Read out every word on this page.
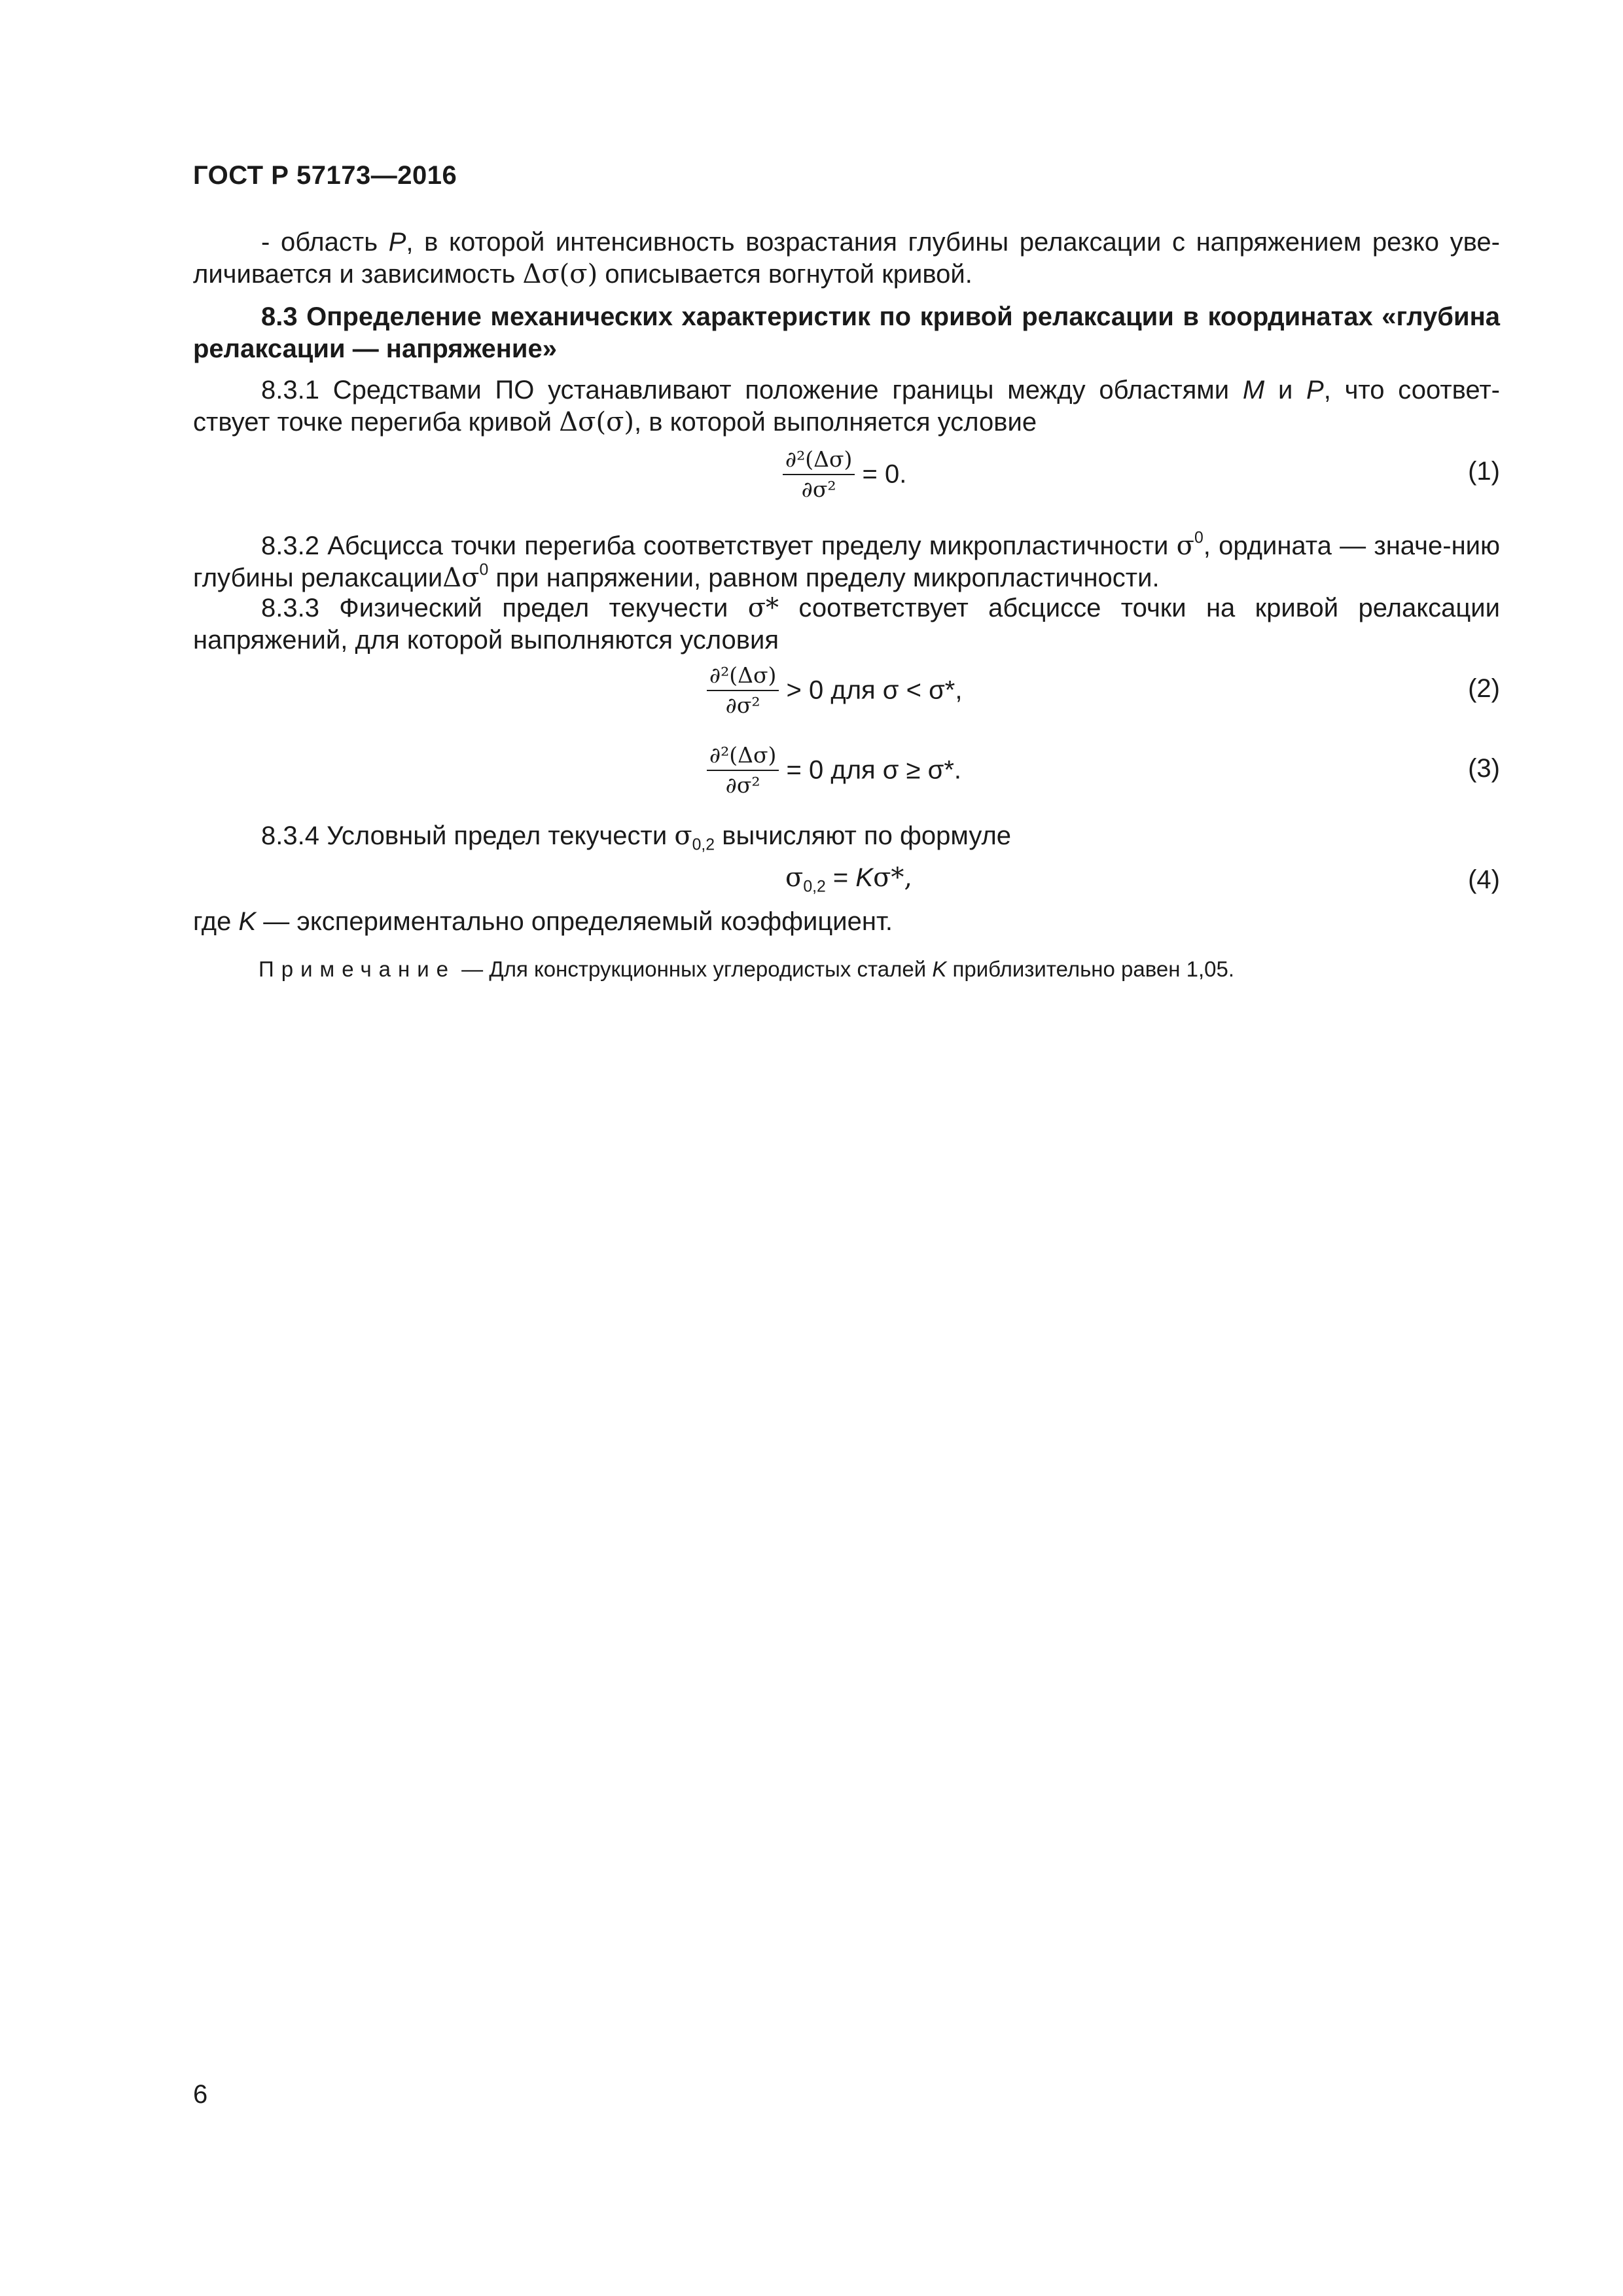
ГОСТ Р 57173—2016
- область P, в которой интенсивность возрастания глубины релаксации с напряжением резко уве-личивается и зависимость Δσ(σ) описывается вогнутой кривой.
8.3 Определение механических характеристик по кривой релаксации в координатах «глубина релаксации — напряжение»
8.3.1 Средствами ПО устанавливают положение границы между областями M и P, что соответ-ствует точке перегиба кривой Δσ(σ), в которой выполняется условие
$\frac{\text{∂²(Δσ)}}{\text{∂σ²}} = 0$.	(1)
8.3.2 Абсцисса точки перегиба соответствует пределу микропластичности $\sigma^0$, ордината — значе-нию глубины релаксацииΔσ$^0$ при напряжении, равном пределу микропластичности.
8.3.3 Физический предел текучести σ* соответствует абсциссе точки на кривой релаксации напряжений, для которой выполняются условия
$\frac{\text{∂²(Δσ)}}{\text{∂σ²}} > 0$ для σ < σ*,	(2)
$\frac{\text{∂²(Δσ)}}{\text{∂σ²}} = 0$ для σ ≥ σ*.	(3)
8.3.4 Условный предел текучести $\sigma_{0,2}$ вычисляют по формуле
$\sigma_{0,2} = K\sigma*$,	(4)
где K — экспериментально определяемый коэффициент.
Примечание — Для конструкционных углеродистых сталей K приблизительно равен 1,05.
6
